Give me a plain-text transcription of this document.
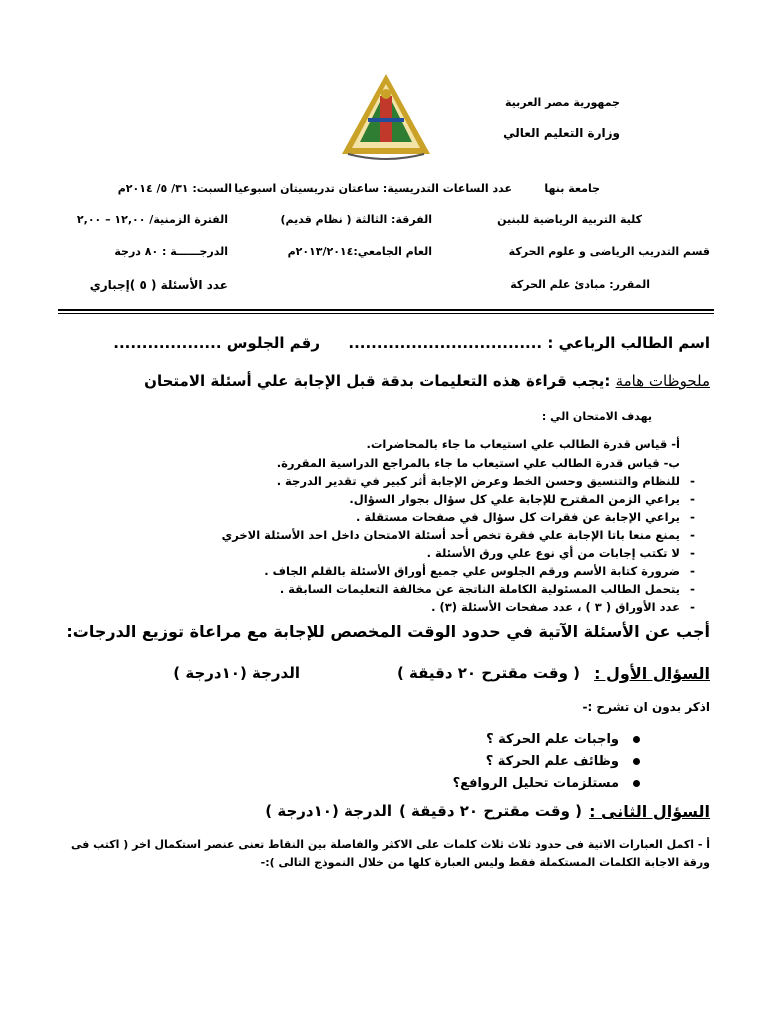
جمهورية مصر العربية
وزارة التعليم العالي
جامعة بنها
كلية التربية الرياضية للبنين
قسم التدريب الرياضى و علوم الحركة
المقرر: مبادئ علم الحركة
عدد الساعات التدريسية: ساعتان تدريسيتان اسبوعيا
الفرقة: الثالثة ( نظام قديم)
العام الجامعي:٢٠١٣/٢٠١٤م
السبت: ٣١/ ٥/ ٢٠١٤م
الفترة الزمنية/ ١٢,٠٠ – ٢,٠٠
الدرجــــــة : ٨٠ درجة
عدد الأسئلة ( ٥ )إجباري
اسم الطالب الرباعي : ..................................
رقم الجلوس ...................
ملحوظات هامة :يجب قراءة هذه التعليمات بدقة قبل الإجابة علي أسئلة الامتحان
يهدف الامتحان الي :
أ- قياس قدرة الطالب علي استيعاب ما جاء بالمحاضرات.
ب- قياس قدرة الطالب علي استيعاب ما جاء بالمراجع الدراسية المقررة.
-
للنظام والتنسيق وحسن الخط وعرض الإجابة أثر كبير في تقدير الدرجة .
-
يراعي الزمن المقترح للإجابة علي كل سؤال بجوار السؤال.
-
يراعي الإجابة عن فقرات كل سؤال في صفحات مستقلة .
-
يمنع منعا باتا الإجابة علي فقرة تخص أحد أسئلة الامتحان داخل احد الأسئلة الاخري
-
لا تكتب إجابات من أي نوع علي ورق الأسئلة .
-
ضرورة كتابة الأسم ورقم الجلوس علي جميع أوراق الأسئلة بالقلم الجاف .
-
يتحمل الطالب المسئولية الكاملة الناتجة عن مخالفة التعليمات السابقة .
-
عدد الأوراق ( ٣ ) ، عدد صفحات الأسئلة (٣) .
أجب عن الأسئلة الآتية في حدود الوقت المخصص للإجابة مع مراعاة توزيع الدرجات:
السؤال الأول :
( وقت مقترح ٢٠ دقيقة )
الدرجة (١٠درجة )
اذكر بدون ان تشرح :-
واجبات علم الحركة ؟
وظائف علم الحركة ؟
مستلزمات تحليل الروافع؟
السؤال الثانى :
( وقت مقترح ٢٠ دقيقة )
الدرجة (١٠درجة )
أ - اكمل العبارات الاتية فى حدود ثلاث ثلاث كلمات على الاكثر والفاصلة بين النقاط تعنى عنصر استكمال اخر ( اكتب فى
ورقة الاجابة الكلمات المستكملة فقط وليس العبارة كلها من خلال النموذج التالى ):-
